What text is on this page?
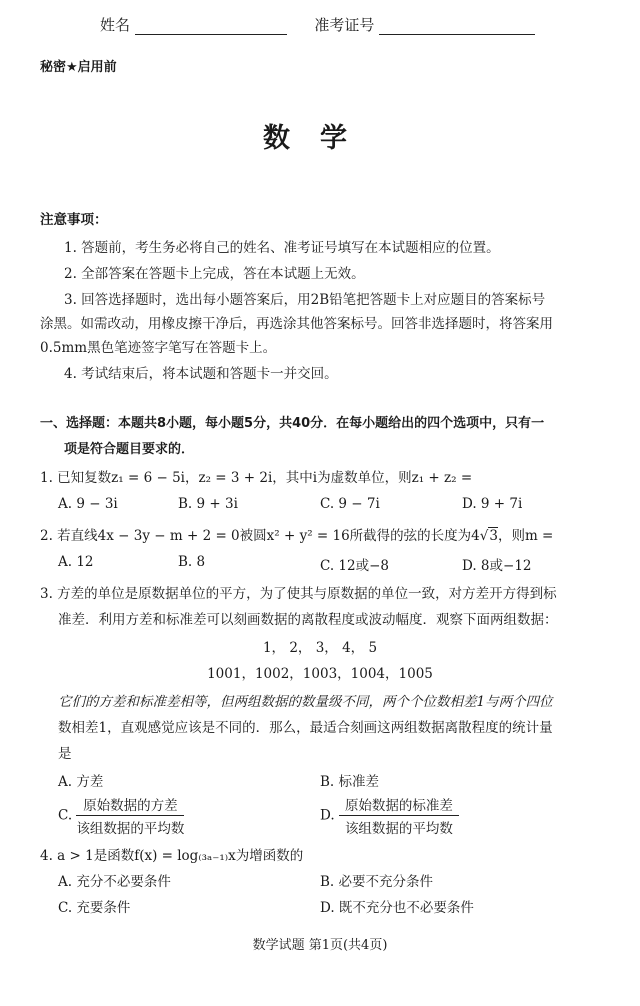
姓名	准考证号
秘密★启用前
数学
注意事项：
1. 答题前，考生务必将自己的姓名、准考证号填写在本试题相应的位置。
2. 全部答案在答题卡上完成，答在本试题上无效。
3. 回答选择题时，选出每小题答案后，用2B铅笔把答题卡上对应题目的答案标号
涂黑。如需改动，用橡皮擦干净后，再选涂其他答案标号。回答非选择题时，将答案用
0.5mm黑色笔迹签字笔写在答题卡上。
4. 考试结束后，将本试题和答题卡一并交回。
一、选择题：本题共8小题，每小题5分，共40分．在每小题给出的四个选项中，只有一
项是符合题目要求的．
1. 已知复数z₁ = 6 − 5i，z₂ = 3 + 2i，其中i为虚数单位，则z₁ + z₂ =
A. 9 − 3i	B. 9 + 3i	C. 9 − 7i	D. 9 + 7i
2. 若直线4x − 3y − m + 2 = 0被圆x² + y² = 16所截得的弦的长度为4√3，则m =
A. 12	B. 8	C. 12或−8	D. 8或−12
3. 方差的单位是原数据单位的平方，为了使其与原数据的单位一致，对方差开方得到标
准差．利用方差和标准差可以刻画数据的离散程度或波动幅度．观察下面两组数据：
1， 2， 3， 4， 5
1001，1002，1003，1004，1005
它们的方差和标准差相等，但两组数据的数量级不同，两个个位数相差1与两个四位
数相差1，直观感觉应该是不同的．那么，最适合刻画这两组数据离散程度的统计量
是
A. 方差	B. 标准差
C. $\frac{\text{原始数据的方差}}{\text{该组数据的平均数}}$	D. $\frac{\text{原始数据的标准差}}{\text{该组数据的平均数}}$
4. a > 1是函数f(x) = log₍₃ₐ₋₁₎x为增函数的
A. 充分不必要条件	B. 必要不充分条件
C. 充要条件	D. 既不充分也不必要条件
数学试题 第1页(共4页)
